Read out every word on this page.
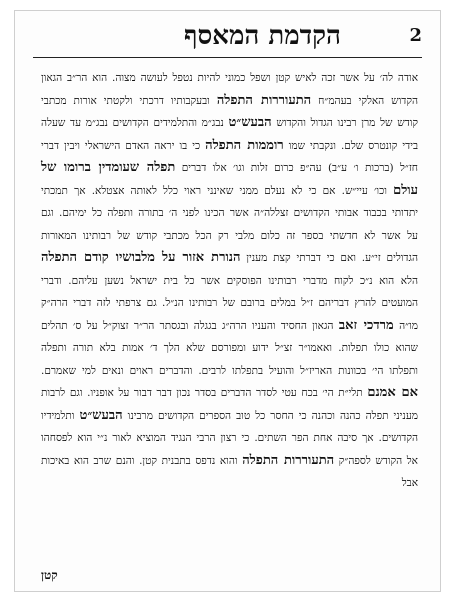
2
הקדמת המאסף

אודה לה׳ על אשר זכה לאיש קטן ושפל כמוני להיות נטפל לעושה מצוה. הוא הר״ב הגאון הקדוש האלקי בעהמ״ח התעוררות התפלה ובעקבותיו דרכתי ולקטתי אורות מכתבי קודש של מרן רבינו הגדול והקדוש הבעש״ט נבג״מ והתלמידים הקדושים נבג״מ עד שעלה בידי קונטרס שלם. ונקבתי שמו רוממות התפלה כי בו יראה האדם הישראלי ויבין דברי חז״ל (ברכות ו׳ ע״ב) עה״פ כרום זלות וגו׳ אלו דברים תפלה שעומדין ברומו של עולם וכו׳ עיי״ש. אם כי לא נעלם ממני שאינני ראוי כלל לאותה אצטלא. אך תמכתי יתדותי בכבוד אבותי הקדושים זצללה״ה אשר הכינו לפני ה׳ בתורה ותפלה כל ימיהם. וגם על אשר לא חדשתי בספר זה כלום מלבי רק הכל מכתבי קודש של רבותינו המאורות הגדולים זי״ע. ואם כי דברתי קצת מענין הנורת אזור על מלבושיו קודם התפלה הלא הוא נ״כ לקוח מדברי רבותינו הפוסקים אשר כל בית ישראל נשען עליהם. ודברי המועטים להרץ דבריהם ז״ל במלים ברובם של רבותינו הנ״ל. גם צרפתי לזה דברי הרה״ק מו״ה מרדכי זאב הגאון החסיד והעניו הרה״ג בגגלה ובגסתר הר״ר זצוק״ל על ס׳ תהלים שהוא כולו תפלות. ואאמו״ר זצ״ל ידוע ומפורסם שלא הלך ד׳ אמות בלא תורה ותפלה ותפלתו הי׳ בכוונות האריז״ל והועיל בתפלתו לרבים. והדברים ראוים ונאים למי שאמרם. אם אמנם תלי״ת הי׳ בכח עטי לסדר הדברים בסדר נכון דבר דבור על אופניו. וגם לרבות מעניני תפלה כהנה וכהנה כי החסר כל טוב הספרים הקדושים מרבינו הבעש״ט ותלמידיו הקדושים. אך סיבה אחת הפר השתים. כי רצון הרבי הנגיד המוציא לאור נ״י הוא לפסחהו אל הקודש לספה״ק התעוררות התפלה והוא נדפס בתבנית קטן. והנם שרב הוא באיכות אבל

קטן
